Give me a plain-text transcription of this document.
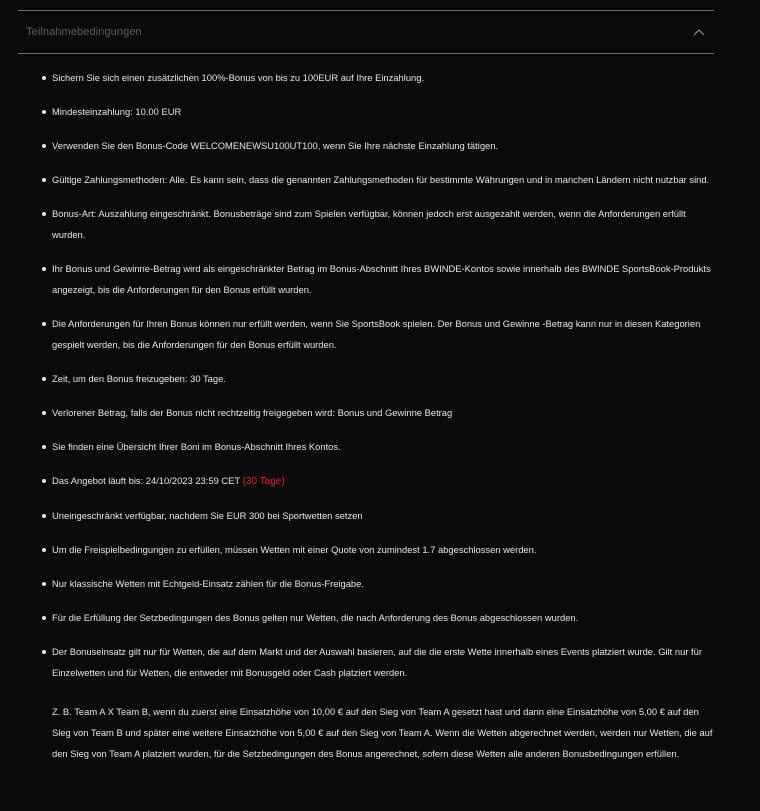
Teilnahmebedingungen
Sichern Sie sich einen zusätzlichen 100%-Bonus von bis zu 100EUR auf Ihre Einzahlung.
Mindesteinzahlung: 10.00 EUR
Verwenden Sie den Bonus-Code WELCOMENEWSU100UT100, wenn Sie Ihre nächste Einzahlung tätigen.
Gültige Zahlungsmethoden: Alle. Es kann sein, dass die genannten Zahlungsmethoden für bestimmte Währungen und in manchen Ländern nicht nutzbar sind.
Bonus-Art: Auszahlung eingeschränkt. Bonusbeträge sind zum Spielen verfügbar, können jedoch erst ausgezahlt werden, wenn die Anforderungen erfüllt wurden.
Ihr Bonus und Gewinne-Betrag wird als eingeschränkter Betrag im Bonus-Abschnitt Ihres BWINDE-Kontos sowie innerhalb des BWINDE SportsBook-Produkts angezeigt, bis die Anforderungen für den Bonus erfüllt wurden.
Die Anforderungen für Ihren Bonus können nur erfüllt werden, wenn Sie SportsBook spielen. Der Bonus und Gewinne -Betrag kann nur in diesen Kategorien gespielt werden, bis die Anforderungen für den Bonus erfüllt wurden.
Zeit, um den Bonus freizugeben: 30 Tage.
Verlorener Betrag, falls der Bonus nicht rechtzeitig freigegeben wird: Bonus und Gewinne Betrag
Sie finden eine Übersicht Ihrer Boni im Bonus-Abschnitt Ihres Kontos.
Das Angebot läuft bis: 24/10/2023 23:59 CET (30 Tage)
Uneingeschränkt verfügbar, nachdem Sie EUR 300 bei Sportwetten setzen
Um die Freispielbedingungen zu erfüllen, müssen Wetten mit einer Quote von zumindest 1.7 abgeschlossen werden.
Nur klassische Wetten mit Echtgeld-Einsatz zählen für die Bonus-Freigabe.
Für die Erfüllung der Setzbedingungen des Bonus gelten nur Wetten, die nach Anforderung des Bonus abgeschlossen wurden.
Der Bonuseinsatz gilt nur für Wetten, die auf dem Markt und der Auswahl basieren, auf die die erste Wette innerhalb eines Events platziert wurde. Gilt nur für Einzelwetten und für Wetten, die entweder mit Bonusgeld oder Cash platziert werden.
Z. B. Team A X Team B, wenn du zuerst eine Einsatzhöhe von 10,00 € auf den Sieg von Team A gesetzt hast und dann eine Einsatzhöhe von 5,00 € auf den Sieg von Team B und später eine weitere Einsatzhöhe von 5,00 € auf den Sieg von Team A. Wenn die Wetten abgerechnet werden, werden nur Wetten, die auf den Sieg von Team A platziert wurden, für die Setzbedingungen des Bonus angerechnet, sofern diese Wetten alle anderen Bonusbedingungen erfüllen.
